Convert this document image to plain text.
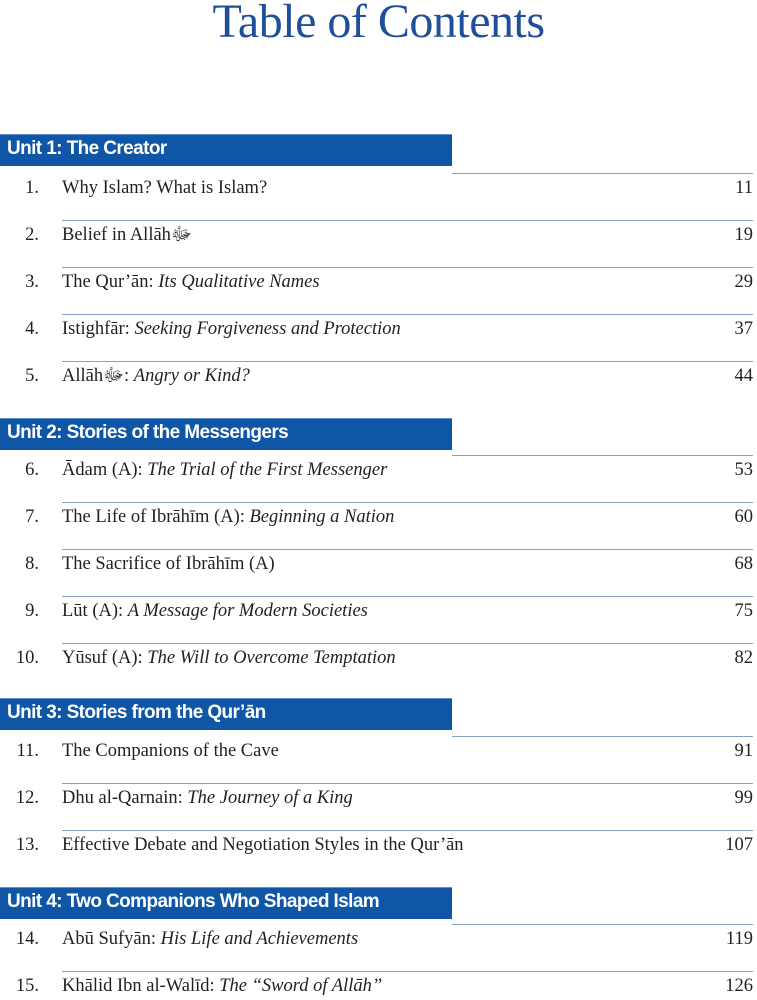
Table of Contents
Unit 1: The Creator
1. Why Islam? What is Islam?	11
2. Belief in Allāhﷻ	19
3. The Qur’ān: Its Qualitative Names	29
4. Istighfār: Seeking Forgiveness and Protection	37
5. Allāhﷻ: Angry or Kind?	44
Unit 2: Stories of the Messengers
6. Ādam (A): The Trial of the First Messenger	53
7. The Life of Ibrāhīm (A): Beginning a Nation	60
8. The Sacrifice of Ibrāhīm (A)	68
9. Lūt (A): A Message for Modern Societies	75
10. Yūsuf (A): The Will to Overcome Temptation	82
Unit 3: Stories from the Qur’ān
11. The Companions of the Cave	91
12. Dhu al-Qarnain: The Journey of a King	99
13. Effective Debate and Negotiation Styles in the Qur’ān	107
Unit 4: Two Companions Who Shaped Islam
14. Abū Sufyān: His Life and Achievements	119
15. Khālid Ibn al-Walīd: The “Sword of Allāh”	126
